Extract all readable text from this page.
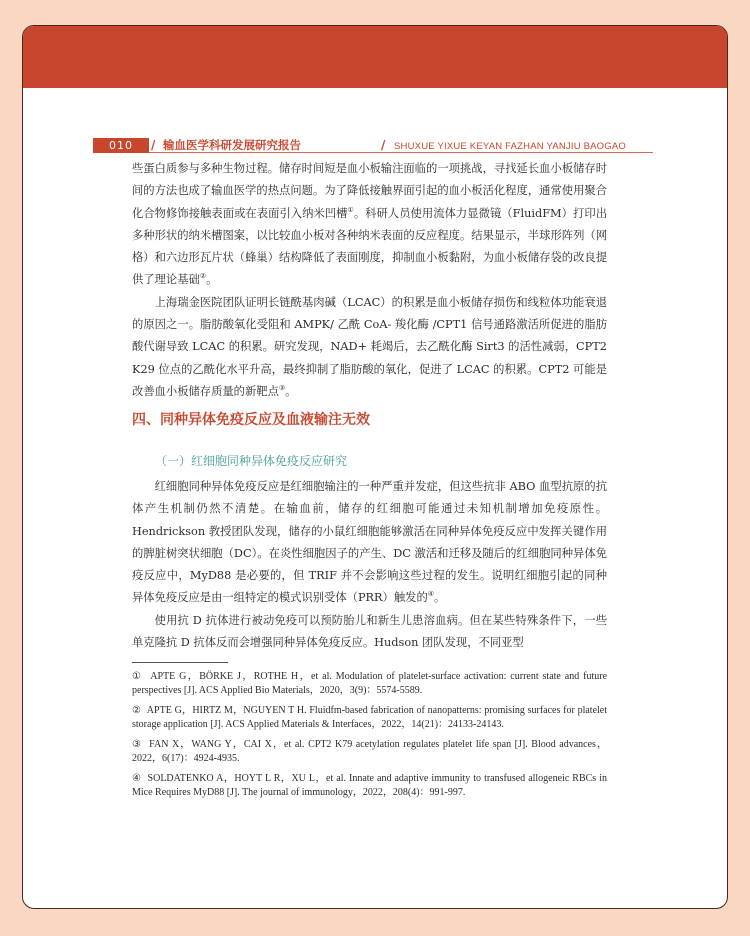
010	/ 输血医学科研发展研究报告	/ SHUXUE YIXUE KEYAN FAZHAN YANJIU BAOGAO

些蛋白质参与多种生物过程。储存时间短是血小板输注面临的一项挑战，寻找延长血小板储存时间的方法也成了输血医学的热点问题。为了降低接触界面引起的血小板活化程度，通常使用聚合化合物修饰接触表面或在表面引入纳米凹槽①。科研人员使用流体力显微镜（FluidFM）打印出多种形状的纳米槽图案，以比较血小板对各种纳米表面的反应程度。结果显示，半球形阵列（网格）和六边形瓦片状（蜂巢）结构降低了表面刚度，抑制血小板黏附，为血小板储存袋的改良提供了理论基础②。

上海瑞金医院团队证明长链酰基肉碱（LCAC）的积累是血小板储存损伤和线粒体功能衰退的原因之一。脂肪酸氧化受阻和 AMPK/ 乙酰 CoA- 羧化酶 /CPT1 信号通路激活所促进的脂肪酸代谢导致 LCAC 的积累。研究发现，NAD+ 耗竭后，去乙酰化酶 Sirt3 的活性减弱，CPT2 K29 位点的乙酰化水平升高，最终抑制了脂肪酸的氧化，促进了 LCAC 的积累。CPT2 可能是改善血小板储存质量的新靶点③。

四、同种异体免疫反应及血液输注无效
（一）红细胞同种异体免疫反应研究

红细胞同种异体免疫反应是红细胞输注的一种严重并发症，但这些抗非 ABO 血型抗原的抗体产生机制仍然不清楚。在输血前，储存的红细胞可能通过未知机制增加免疫原性。Hendrickson 教授团队发现，储存的小鼠红细胞能够激活在同种异体免疫反应中发挥关键作用的脾脏树突状细胞（DC）。在炎性细胞因子的产生、DC 激活和迁移及随后的红细胞同种异体免疫反应中，MyD88 是必要的，但 TRIF 并不会影响这些过程的发生。说明红细胞引起的同种异体免疫反应是由一组特定的模式识别受体（PRR）触发的④。

使用抗 D 抗体进行被动免疫可以预防胎儿和新生儿患溶血病。但在某些特殊条件下，一些单克隆抗 D 抗体反而会增强同种异体免疫反应。Hudson 团队发现，不同亚型

① APTE G，BÖRKE J，ROTHE H，et al. Modulation of platelet-surface activation: current state and future perspectives [J]. ACS Applied Bio Materials，2020，3(9)：5574-5589.

② APTE G，HIRTZ M，NGUYEN T H. Fluidfm-based fabrication of nanopatterns: promising surfaces for platelet storage application [J]. ACS Applied Materials & Interfaces，2022，14(21)：24133-24143.

③ FAN X，WANG Y，CAI X，et al. CPT2 K79 acetylation regulates platelet life span [J]. Blood advances，2022，6(17)：4924-4935.

④ SOLDATENKO A，HOYT L R，XU L，et al. Innate and adaptive immunity to transfused allogeneic RBCs in Mice Requires MyD88 [J]. The journal of immunology，2022，208(4)：991-997.
